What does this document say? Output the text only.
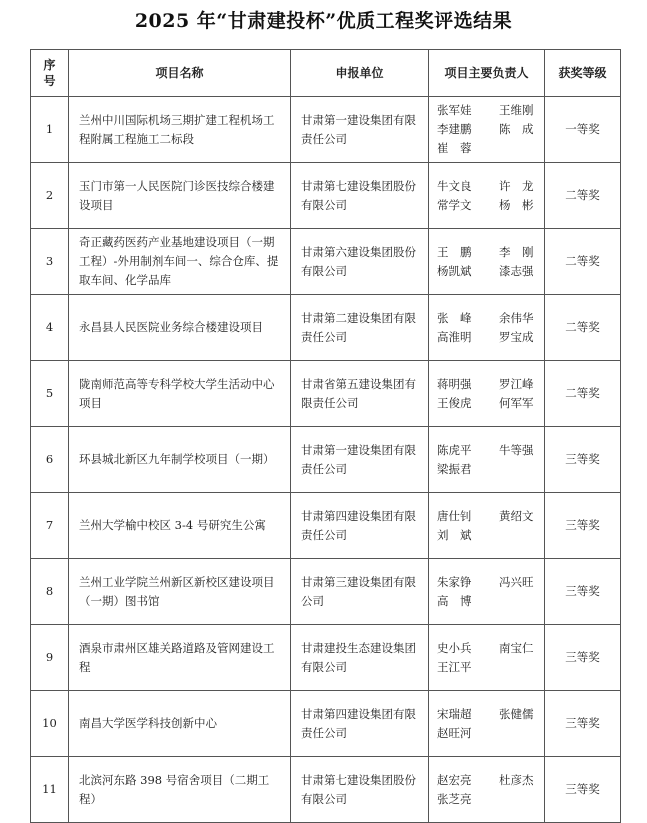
2025 年“甘肃建投杯”优质工程奖评选结果
序号	项目名称	申报单位	项目主要负责人	获奖等级
1	兰州中川国际机场三期扩建工程机场工程附属工程施工二标段	甘肃第一建设集团有限责任公司	张军娃 王维刚
李建鹏 陈　成
崔　蓉	一等奖
2	玉门市第一人民医院门诊医技综合楼建设项目	甘肃第七建设集团股份有限公司	牛文良 许　龙
常学文 杨　彬	二等奖
3	奇正藏药医药产业基地建设项目（一期工程）-外用制剂车间一、综合仓库、提取车间、化学品库	甘肃第六建设集团股份有限公司	王　鹏 李　刚
杨凯斌 漆志强	二等奖
4	永昌县人民医院业务综合楼建设项目	甘肃第二建设集团有限责任公司	张　峰 余伟华
高淮明 罗宝成	二等奖
5	陇南师范高等专科学校大学生活动中心项目	甘肃省第五建设集团有限责任公司	蒋明强 罗江峰
王俊虎 何军军	二等奖
6	环县城北新区九年制学校项目（一期）	甘肃第一建设集团有限责任公司	陈虎平 牛等强
梁振君	三等奖
7	兰州大学榆中校区 3-4 号研究生公寓	甘肃第四建设集团有限责任公司	唐仕钊 黄绍文
刘　斌	三等奖
8	兰州工业学院兰州新区新校区建设项目（一期）图书馆	甘肃第三建设集团有限公司	朱家铮 冯兴旺
高　博	三等奖
9	酒泉市肃州区雄关路道路及管网建设工程	甘肃建投生态建设集团有限公司	史小兵 南宝仁
王江平	三等奖
10	南昌大学医学科技创新中心	甘肃第四建设集团有限责任公司	宋瑞超 张健儒
赵旺河	三等奖
11	北滨河东路 398 号宿舍项目（二期工程）	甘肃第七建设集团股份有限公司	赵宏亮 杜彦杰
张芝亮	三等奖
